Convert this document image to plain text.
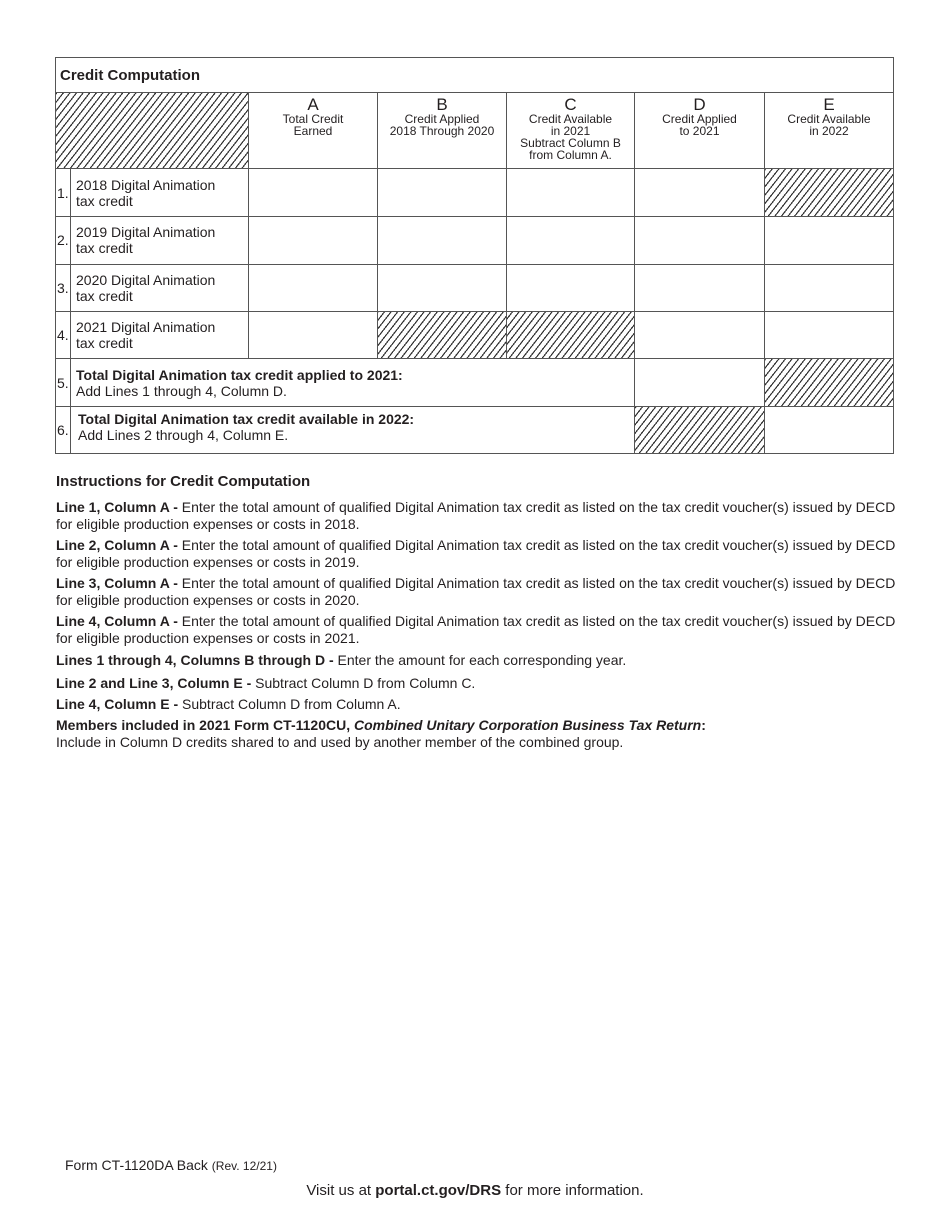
Credit Computation
A
Total Credit
Earned
B
Credit Applied
2018 Through 2020
C
Credit Available
in 2021
Subtract Column B
from Column A.
D
Credit Applied
to 2021
E
Credit Available
in 2022
1. 2018 Digital Animation
tax credit
2. 2019 Digital Animation
tax credit
3. 2020 Digital Animation
tax credit
4. 2021 Digital Animation
tax credit
5. Total Digital Animation tax credit applied to 2021:
Add Lines 1 through 4, Column D.
6.
Total Digital Animation tax credit available in 2022:
Add Lines 2 through 4, Column E.
Instructions for Credit Computation
Line 1, Column A - Enter the total amount of qualified Digital Animation tax credit as listed on the tax credit voucher(s) issued by DECD for eligible production expenses or costs in 2018.
Line 2, Column A - Enter the total amount of qualified Digital Animation tax credit as listed on the tax credit voucher(s) issued by DECD for eligible production expenses or costs in 2019.
Line 3, Column A - Enter the total amount of qualified Digital Animation tax credit as listed on the tax credit voucher(s) issued by DECD for eligible production expenses or costs in 2020.
Line 4, Column A - Enter the total amount of qualified Digital Animation tax credit as listed on the tax credit voucher(s) issued by DECD for eligible production expenses or costs in 2021.
Lines 1 through 4, Columns B through D - Enter the amount for each corresponding year.
Line 2 and Line 3, Column E - Subtract Column D from Column C.
Line 4, Column E - Subtract Column D from Column A.
Members included in 2021 Form CT-1120CU, Combined Unitary Corporation Business Tax Return:
Include in Column D credits shared to and used by another member of the combined group.
Form CT-1120DA Back (Rev. 12/21)
Visit us at portal.ct.gov/DRS for more information.
